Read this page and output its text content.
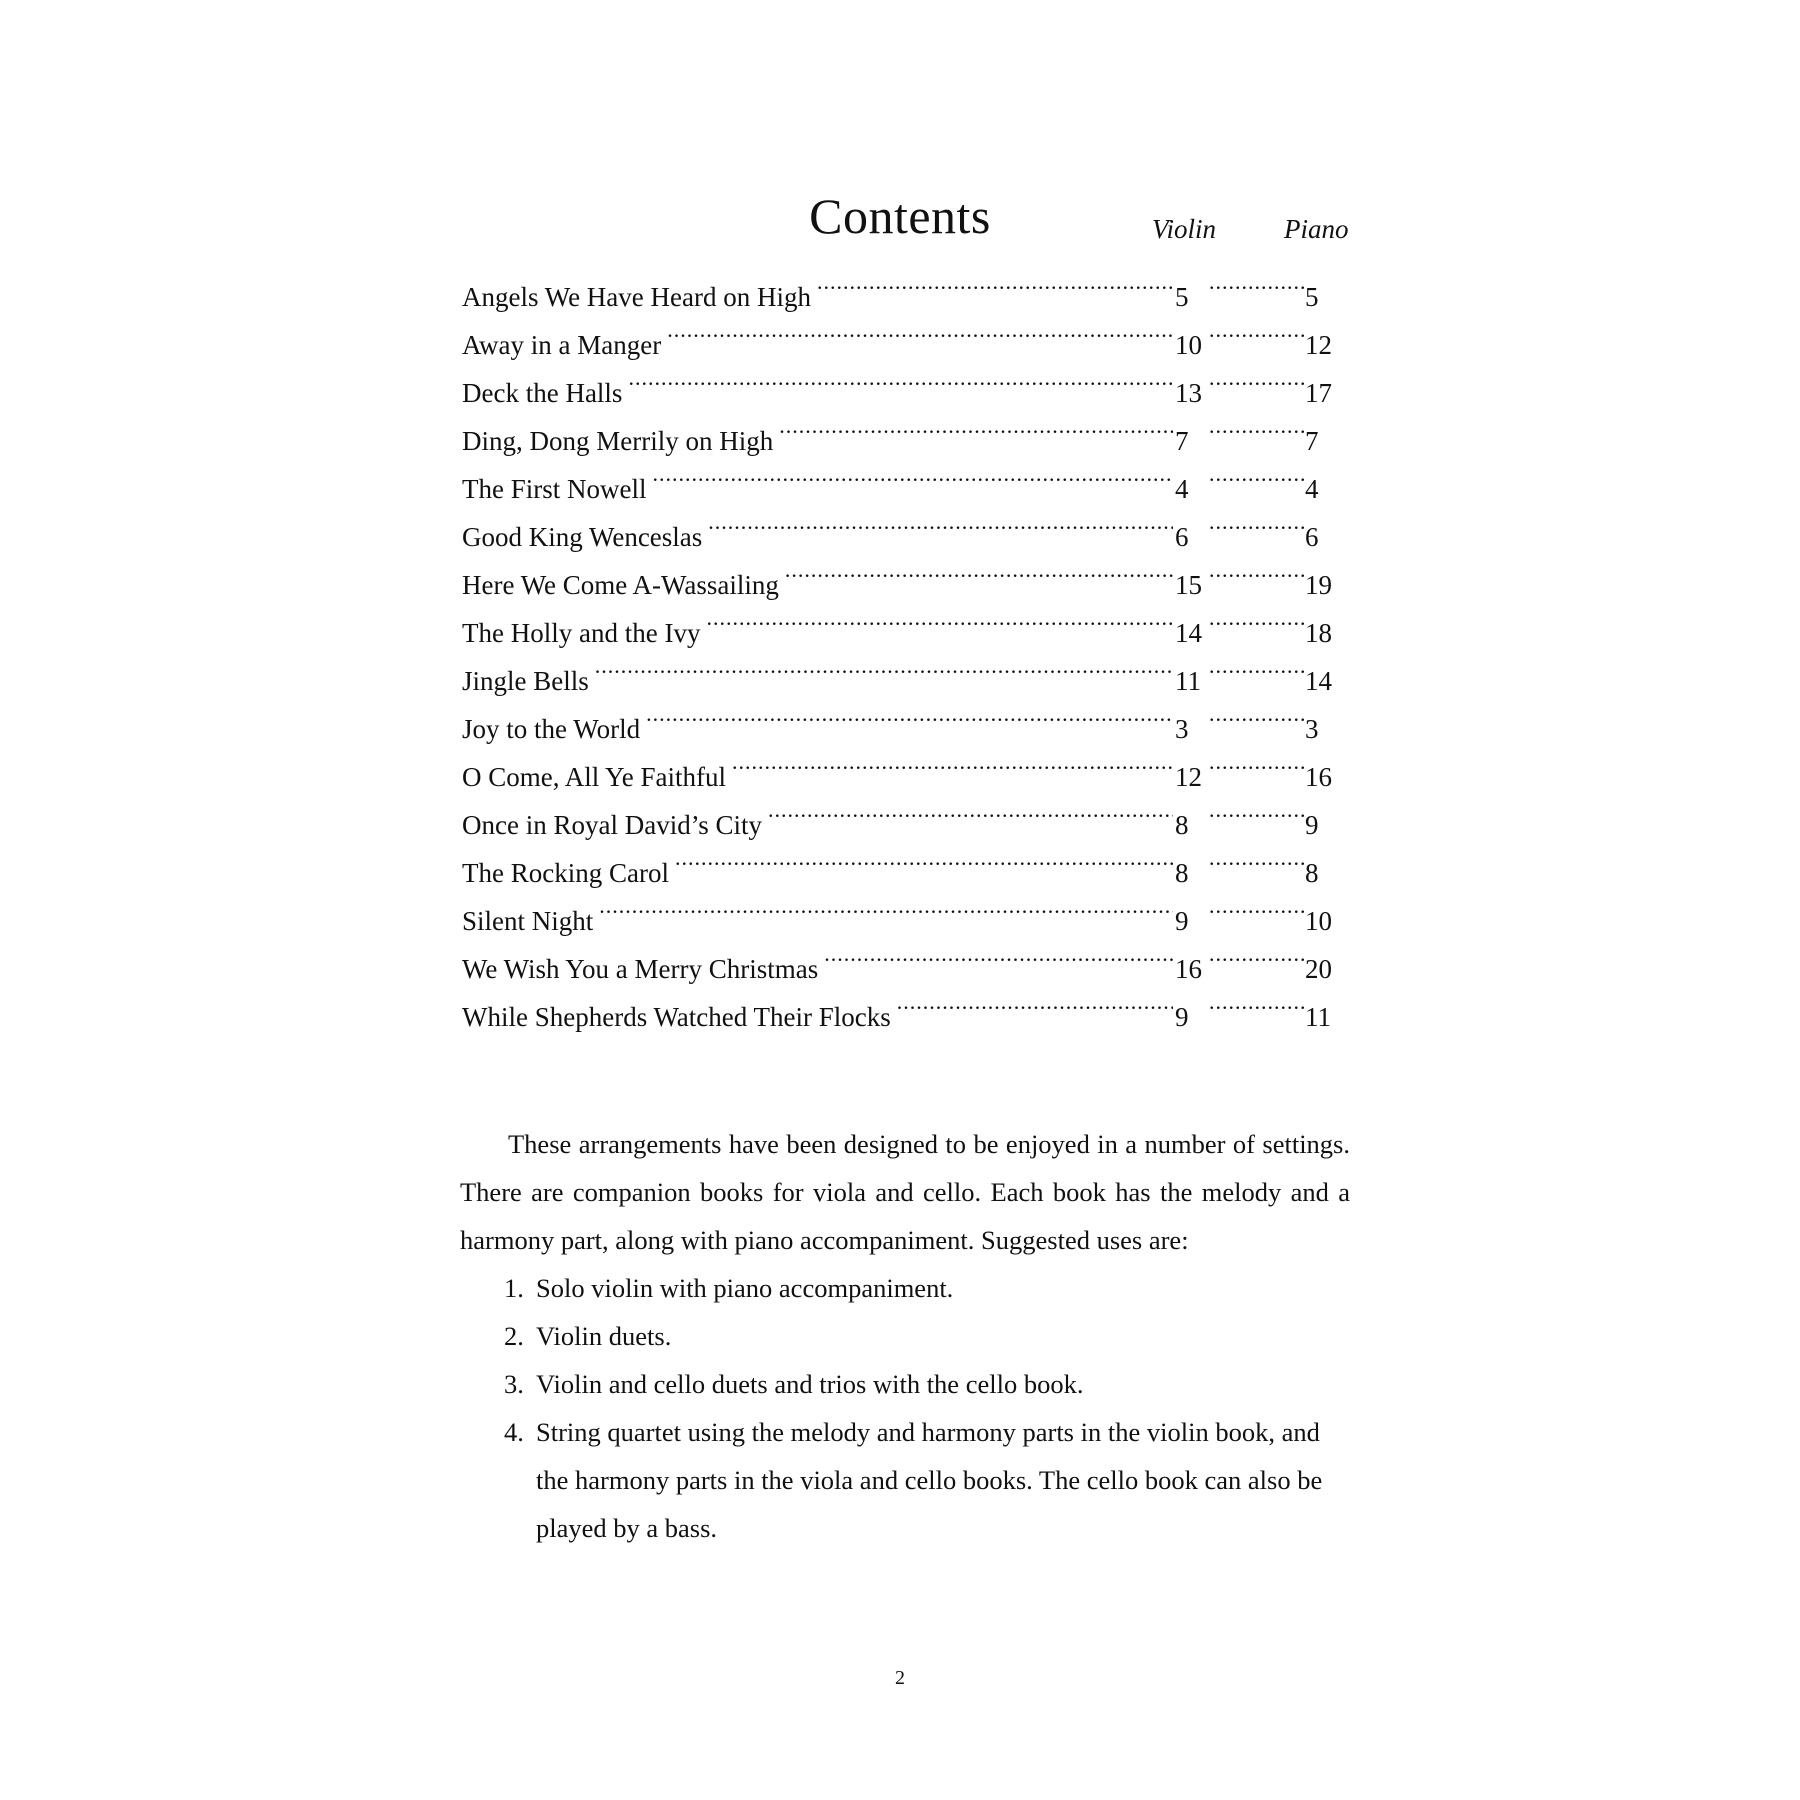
Contents	Violin	Piano
Angels We Have Heard on High .....	5 .....	5
Away in a Manger .....	10 .....	12
Deck the Halls .....	13 .....	17
Ding, Dong Merrily on High .....	7 .....	7
The First Nowell .....	4 .....	4
Good King Wenceslas .....	6 .....	6
Here We Come A-Wassailing .....	15 .....	19
The Holly and the Ivy .....	14 .....	18
Jingle Bells .....	11 .....	14
Joy to the World .....	3 .....	3
O Come, All Ye Faithful .....	12 .....	16
Once in Royal David’s City .....	8 .....	9
The Rocking Carol .....	8 .....	8
Silent Night .....	9 .....	10
We Wish You a Merry Christmas .....	16 .....	20
While Shepherds Watched Their Flocks .....	9 .....	11

These arrangements have been designed to be enjoyed in a number of settings. There are companion books for viola and cello. Each book has the melody and a harmony part, along with piano accompaniment. Suggested uses are:

1. Solo violin with piano accompaniment.
2. Violin duets.
3. Violin and cello duets and trios with the cello book.
4. String quartet using the melody and harmony parts in the violin book, and the harmony parts in the viola and cello books. The cello book can also be played by a bass.
2
